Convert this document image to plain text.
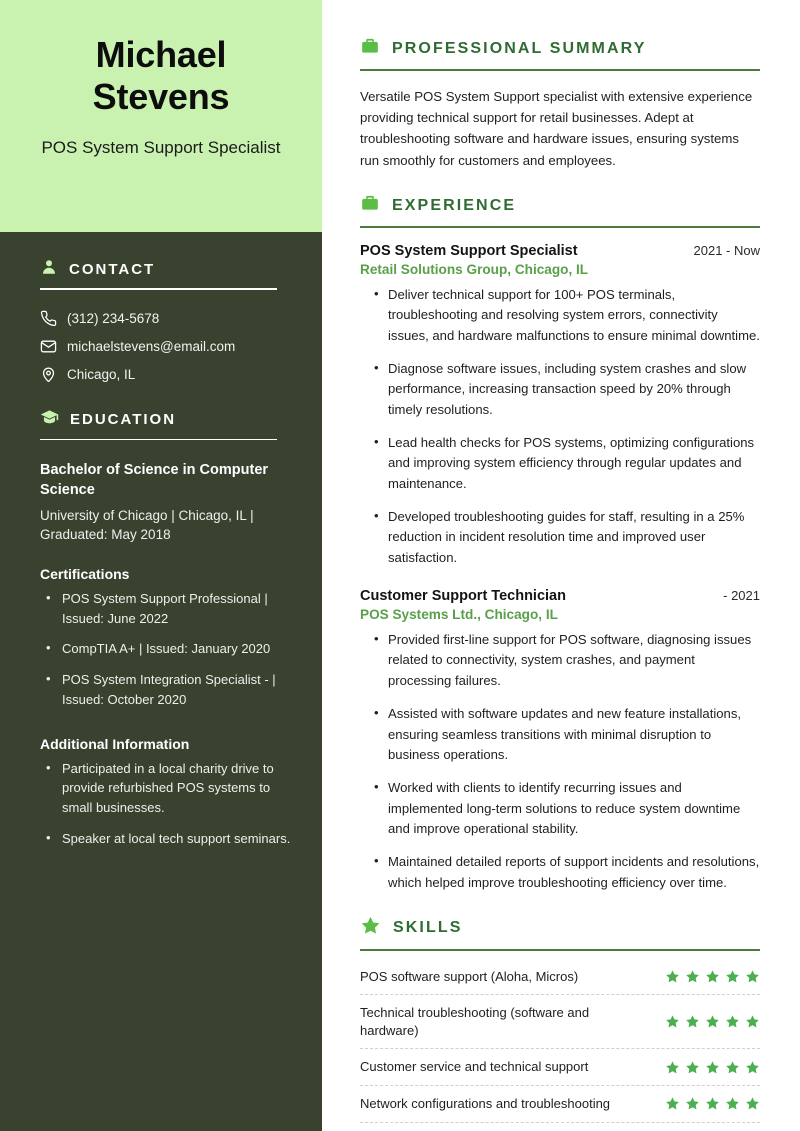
Michael Stevens
POS System Support Specialist
CONTACT
(312) 234-5678
michaelstevens@email.com
Chicago, IL
EDUCATION
Bachelor of Science in Computer Science
University of Chicago | Chicago, IL | Graduated: May 2018
Certifications
• POS System Support Professional | Issued: June 2022
• CompTIA A+ | Issued: January 2020
• POS System Integration Specialist - | Issued: October 2020
Additional Information
• Participated in a local charity drive to provide refurbished POS systems to small businesses.
• Speaker at local tech support seminars.
PROFESSIONAL SUMMARY

Versatile POS System Support specialist with extensive experience providing technical support for retail businesses. Adept at troubleshooting software and hardware issues, ensuring systems run smoothly for customers and employees.

EXPERIENCE
POS System Support Specialist	2021 - Now
Retail Solutions Group, Chicago, IL
• Deliver technical support for 100+ POS terminals, troubleshooting and resolving system errors, connectivity issues, and hardware malfunctions to ensure minimal downtime.
• Diagnose software issues, including system crashes and slow performance, increasing transaction speed by 20% through timely resolutions.
• Lead health checks for POS systems, optimizing configurations and improving system efficiency through regular updates and maintenance.
• Developed troubleshooting guides for staff, resulting in a 25% reduction in incident resolution time and improved user satisfaction.
Customer Support Technician	- 2021
POS Systems Ltd., Chicago, IL
• Provided first-line support for POS software, diagnosing issues related to connectivity, system crashes, and payment processing failures.
• Assisted with software updates and new feature installations, ensuring seamless transitions with minimal disruption to business operations.
• Worked with clients to identify recurring issues and implemented long-term solutions to reduce system downtime and improve operational stability.
• Maintained detailed reports of support incidents and resolutions, which helped improve troubleshooting efficiency over time.
SKILLS
POS software support (Aloha, Micros)
Technical troubleshooting (software and hardware)
Customer service and technical support
Network configurations and troubleshooting
